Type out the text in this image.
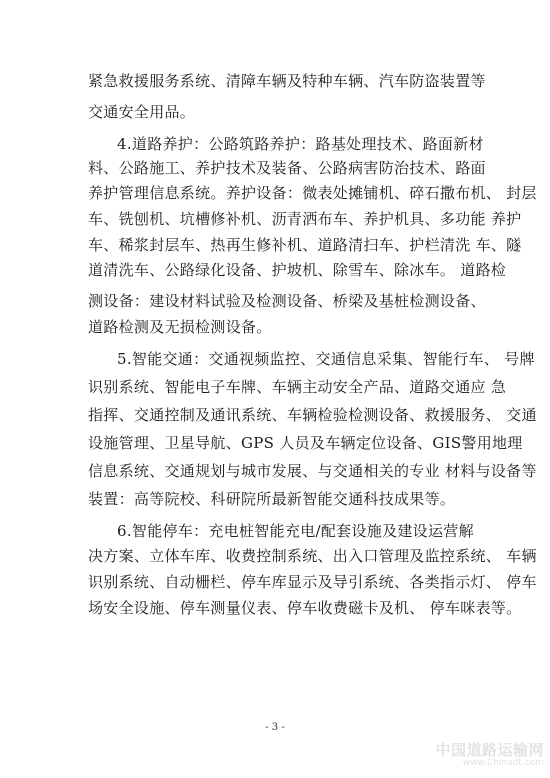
紧急救援服务系统、清障车辆及特种车辆、汽车防盗装置等
交通安全用品。
4.道路养护：公路筑路养护：路基处理技术、路面新材
料、公路施工、养护技术及装备、公路病害防治技术、路面
养护管理信息系统。养护设备：微表处摊铺机、碎石撒布机、 封层
车、铣刨机、坑槽修补机、沥青洒布车、养护机具、多功能 养护
车、稀浆封层车、热再生修补机、道路清扫车、护栏清洗 车、隧
道清洗车、公路绿化设备、护坡机、除雪车、除冰车。 道路检
测设备：建设材料试验及检测设备、桥梁及基桩检测设备、
道路检测及无损检测设备。
5.智能交通：交通视频监控、交通信息采集、智能行车、 号牌
识别系统、智能电子车牌、车辆主动安全产品、道路交通应 急
指挥、交通控制及通讯系统、车辆检验检测设备、救援服务、 交通
设施管理、卫星导航、GPS 人员及车辆定位设备、GIS警用地理
信息系统、交通规划与城市发展、与交通相关的专业 材料与设备等
装置：高等院校、科研院所最新智能交通科技成果等。
6.智能停车：充电桩智能充电/配套设施及建设运营解
决方案、立体车库、收费控制系统、出入口管理及监控系统、 车辆
识别系统、自动栅栏、停车库显示及导引系统、各类指示灯、 停车
场安全设施、停车测量仪表、停车收费磁卡及机、 停车咪表等。
- 3 -
中国道路运输网
www.Chinadt.com
